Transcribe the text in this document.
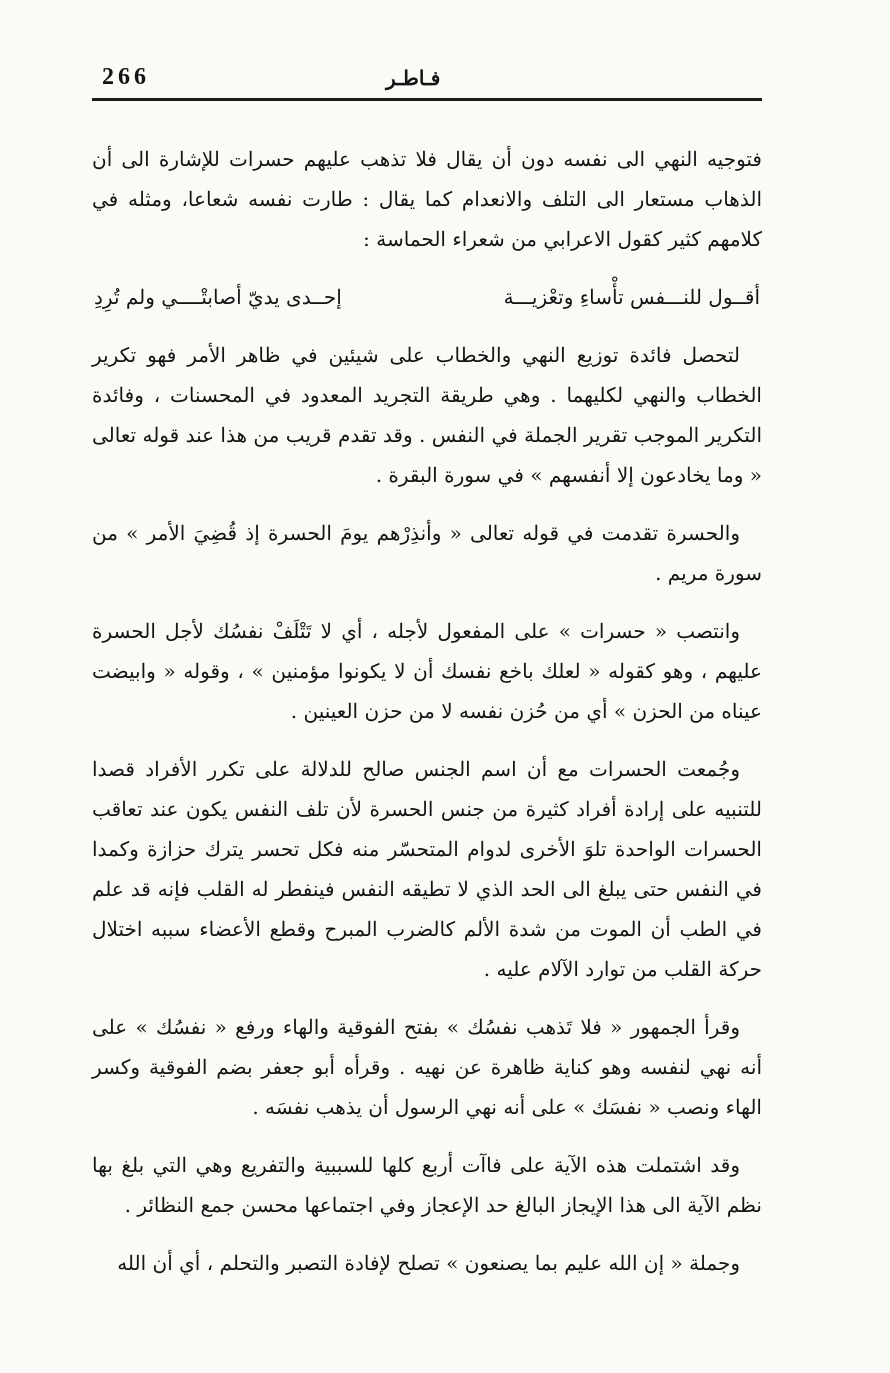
266	فـاطـر

فتوجيه النهي الى نفسه دون أن يقال فلا تذهب عليهم حسرات للإشارة الى أن الذهاب مستعار الى التلف والانعدام كما يقال : طارت نفسه شعاعا، ومثله في كلامهم كثير كقول الاعرابي من شعراء الحماسة :

أقــول للنـــفس تأْساءِ وتعْزيـــة
إحــدى يديّ أصابتْــــي ولم تُرِدِ

لتحصل فائدة توزيع النهي والخطاب على شيئين في ظاهر الأمر فهو تكرير الخطاب والنهي لكليهما . وهي طريقة التجريد المعدود في المحسنات ، وفائدة التكرير الموجب تقرير الجملة في النفس . وقد تقدم قريب من هذا عند قوله تعالى « وما يخادعون إلا أنفسهم » في سورة البقرة .

والحسرة تقدمت في قوله تعالى « وأنذِرْهم يومَ الحسرة إذ قُضِيَ الأمر » من سورة مريم .

وانتصب « حسرات » على المفعول لأجله ، أي لا تَتْلَفْ نفسُك لأجل الحسرة عليهم ، وهو كقوله « لعلك باخع نفسك أن لا يكونوا مؤمنين » ، وقوله « وابيضت عيناه من الحزن » أي من حُزن نفسه لا من حزن العينين .

وجُمعت الحسرات مع أن اسم الجنس صالح للدلالة على تكرر الأفراد قصدا للتنبيه على إرادة أفراد كثيرة من جنس الحسرة لأن تلف النفس يكون عند تعاقب الحسرات الواحدة تلوَ الأخرى لدوام المتحسّر منه فكل تحسر يترك حزازة وكمدا في النفس حتى يبلغ الى الحد الذي لا تطيقه النفس فينفطر له القلب فإنه قد علم في الطب أن الموت من شدة الألم كالضرب المبرح وقطع الأعضاء سببه اختلال حركة القلب من توارد الآلام عليه .

وقرأ الجمهور « فلا تَذهب نفسُك » بفتح الفوقية والهاء ورفع « نفسُك » على أنه نهي لنفسه وهو كناية ظاهرة عن نهيه . وقرأه أبو جعفر بضم الفوقية وكسر الهاء ونصب « نفسَك » على أنه نهي الرسول أن يذهب نفسَه .

وقد اشتملت هذه الآية على فاآت أربع كلها للسببية والتفريع وهي التي بلغ بها نظم الآية الى هذا الإيجاز البالغ حد الإعجاز وفي اجتماعها محسن جمع النظائر .

وجملة « إن الله عليم بما يصنعون » تصلح لإفادة التصبر والتحلم ، أي أن الله
